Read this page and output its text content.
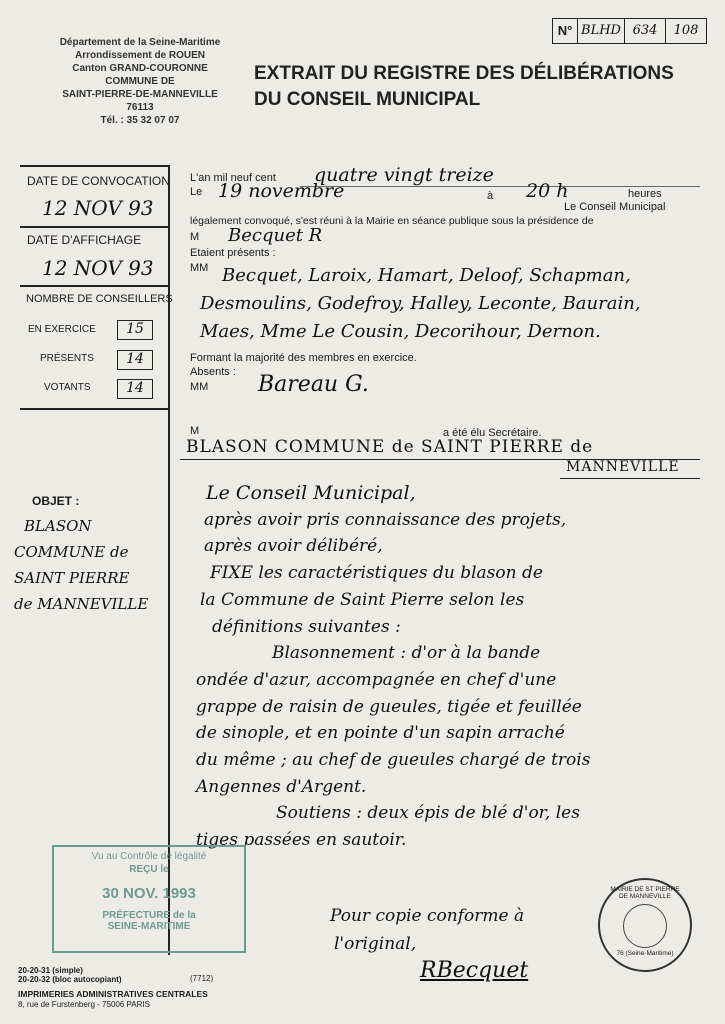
Département de la Seine-Maritime
Arrondissement de ROUEN
Canton GRAND-COURONNE
COMMUNE DE
SAINT-PIERRE-DE-MANNEVILLE
76113
Tél. : 35 32 07 07
EXTRAIT DU REGISTRE DES DÉLIBÉRATIONS
DU CONSEIL MUNICIPAL
N° BLHD 634	108
DATE DE CONVOCATION
12 NOV 93
DATE D'AFFICHAGE
12 NOV 93
NOMBRE DE CONSEILLERS
EN EXERCICE	15
PRÉSENTS	14
VOTANTS	14
OBJET :
BLASON
COMMUNE de
SAINT PIERRE
de MANNEVILLE
L'an mil neuf cent quatre vingt treize
Le 19 novembre	à 20 h	heures
Le Conseil Municipal
légalement convoqué, s'est réuni à la Mairie en séance publique sous la présidence de
M Becquet R
Etaient présents :
MM Becquet, Laroix, Hamart, Deloof, Schapman,
Desmoulins, Godefroy, Halley, Leconte, Baurain,
Maes, Mme Le Cousin, Decorihour, Dernon.
Formant la majorité des membres en exercice.
Absents :
MM Bareau G.
M	a été élu Secrétaire.
BLASON COMMUNE de SAINT PIERRE de
MANNEVILLE
Le Conseil Municipal,
après avoir pris connaissance des projets,
après avoir délibéré,
FIXE les caractéristiques du blason de
la Commune de Saint Pierre selon les
définitions suivantes :
Blasonnement : d'or à la bande
ondée d'azur, accompagnée en chef d'une
grappe de raisin de gueules, tigée et feuillée
de sinople, et en pointe d'un sapin arraché
du même ; au chef de gueules chargé de trois
Angennes d'Argent.
Soutiens : deux épis de blé d'or, les
tiges passées en sautoir.
Pour copie conforme à
l'original,
RBecquet
Vu au Contrôle de légalité
REÇU le
30 NOV. 1993
PRÉFECTURE de la
SEINE-MARITIME
MAIRIE DE ST PIERRE DE MANNEVILLE
76 (Seine-Maritime)
20-20-31 (simple)
20-20-32 (bloc autocopiant)	(7712)
IMPRIMERIES ADMINISTRATIVES CENTRALES
8, rue de Furstenberg - 75006 PARIS
